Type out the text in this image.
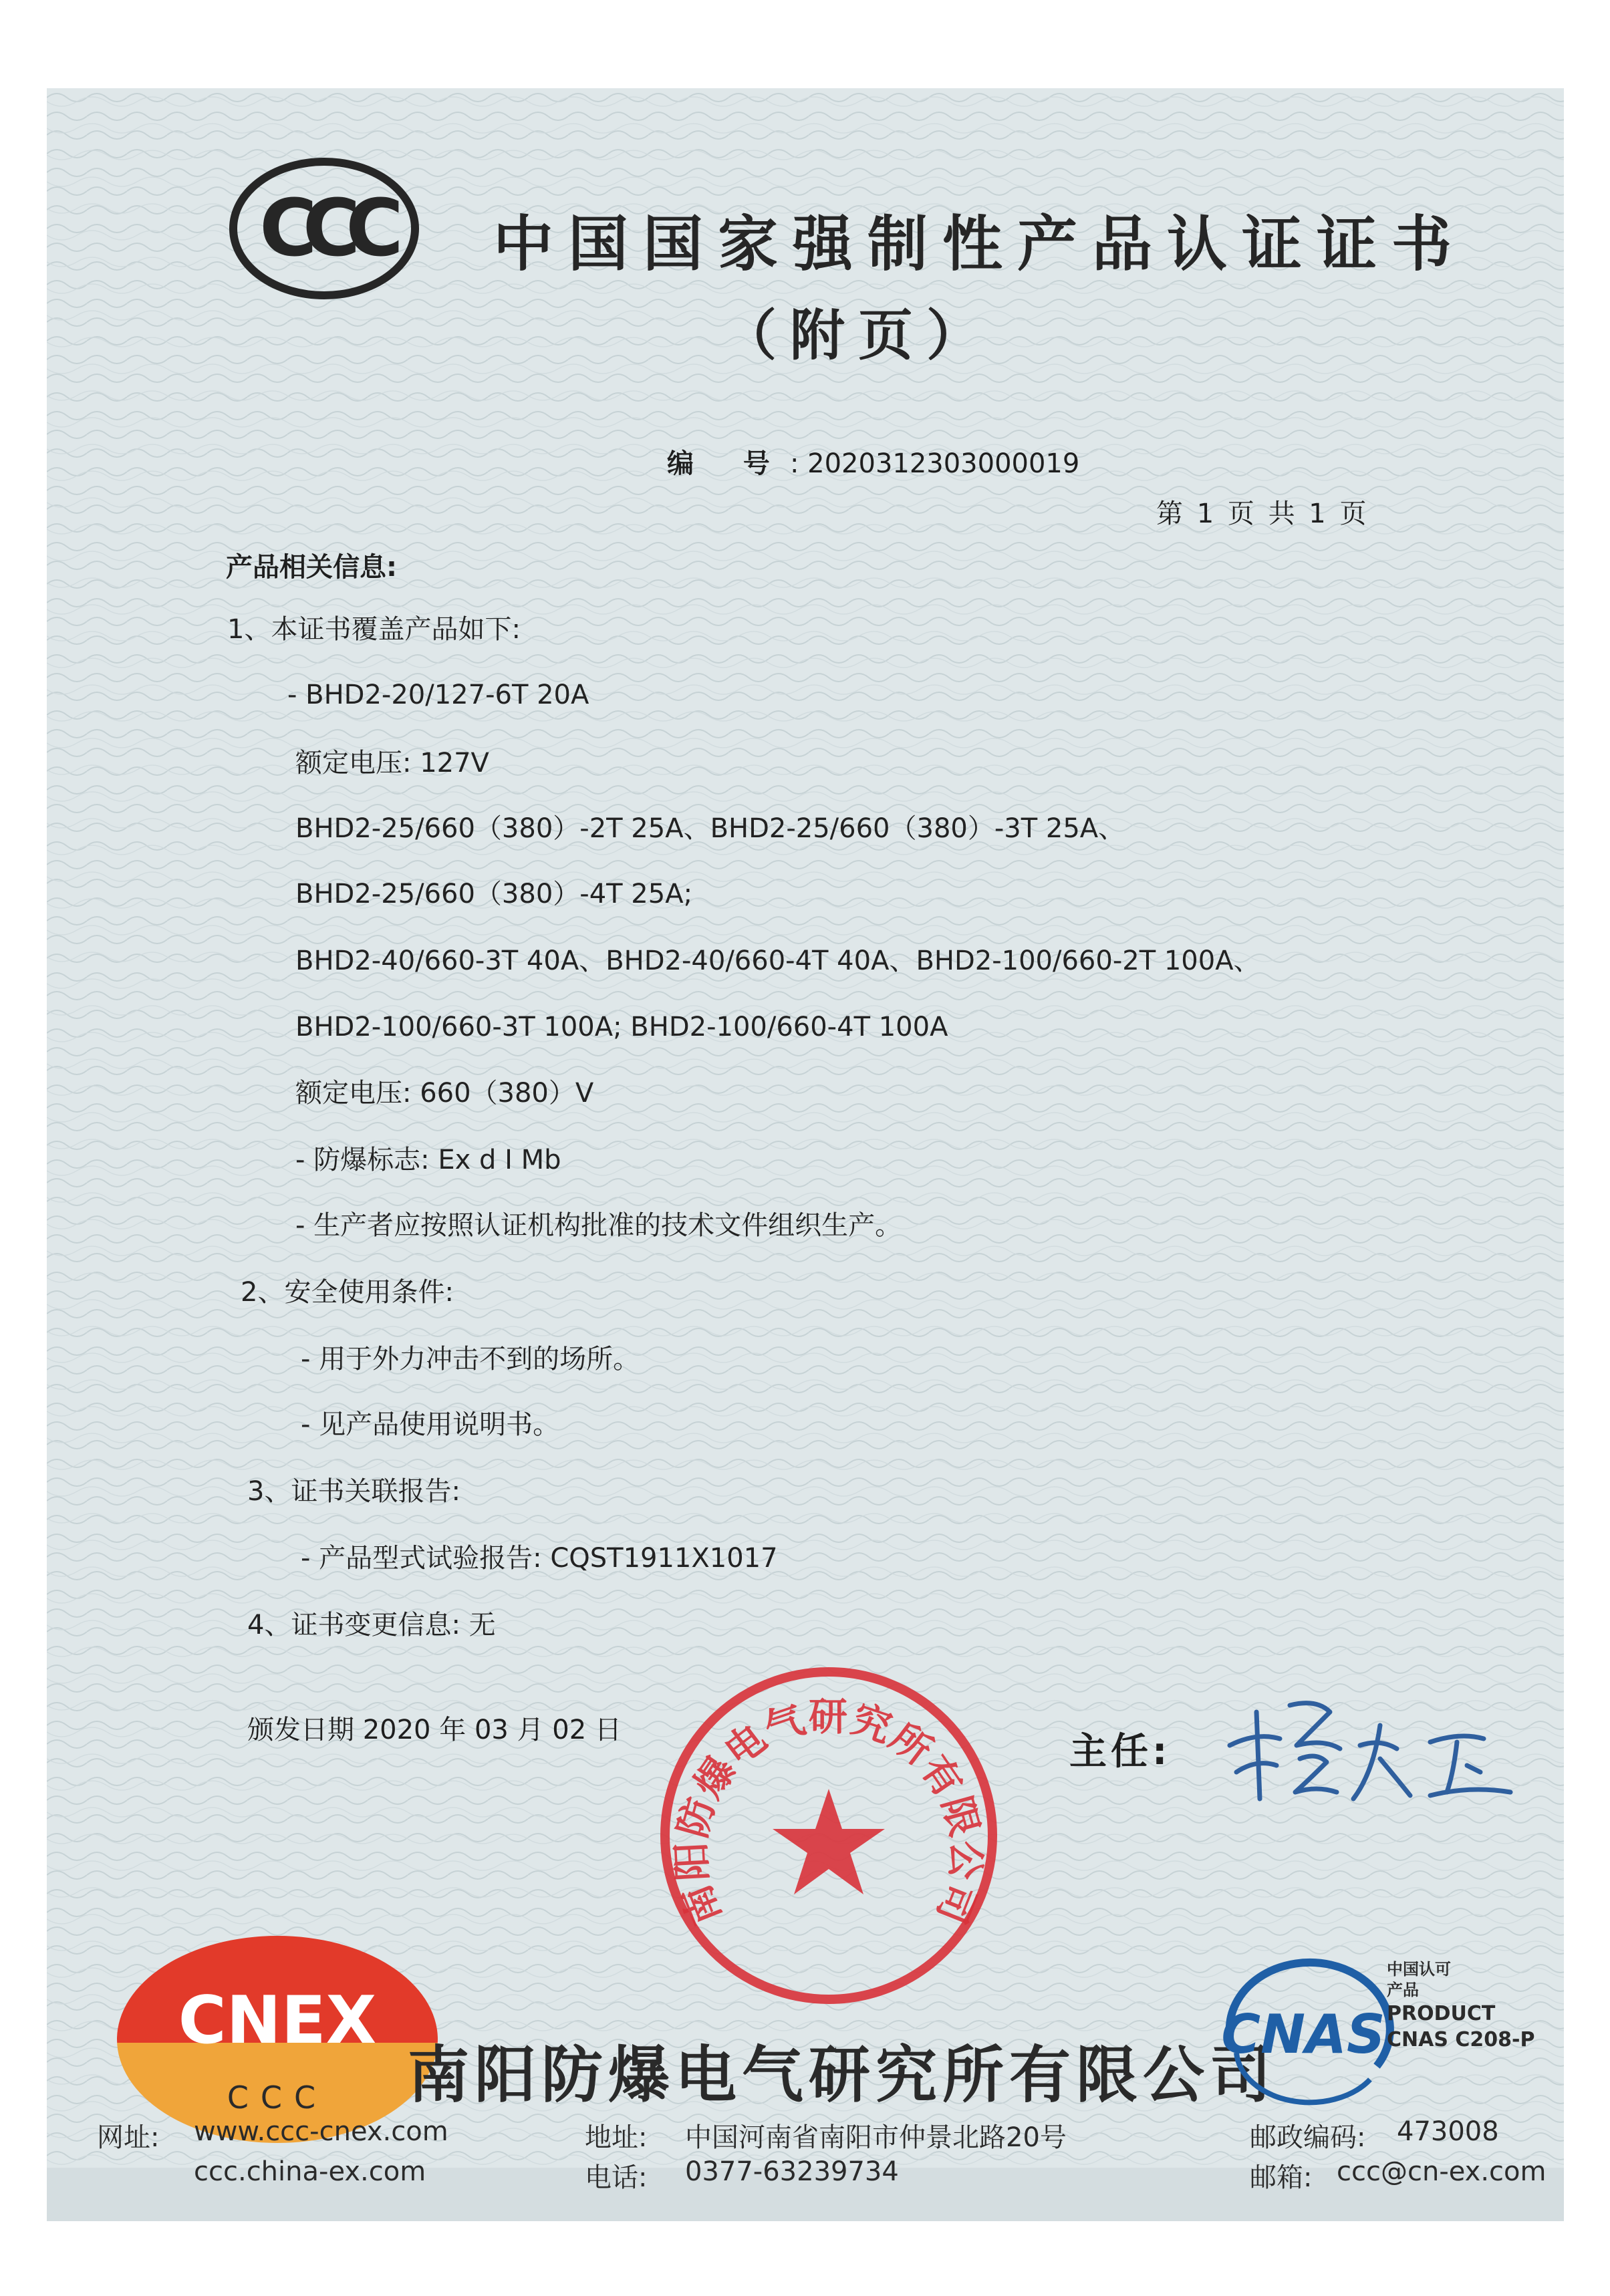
CCC 中国国家强制性产品认证证书
（附页）
编 号: 2020312303000019
第 1 页 共 1 页
产品相关信息:
1、本证书覆盖产品如下:
- BHD2-20/127-6T 20A
额定电压: 127V
BHD2-25/660（380）-2T 25A、BHD2-25/660（380）-3T 25A、
BHD2-25/660（380）-4T 25A;
BHD2-40/660-3T 40A、BHD2-40/660-4T 40A、BHD2-100/660-2T 100A、
BHD2-100/660-3T 100A; BHD2-100/660-4T 100A
额定电压: 660（380）V
- 防爆标志: Ex d I Mb
- 生产者应按照认证机构批准的技术文件组织生产。
2、安全使用条件:
- 用于外力冲击不到的场所。
- 见产品使用说明书。
3、证书关联报告:
- 产品型式试验报告: CQST1911X1017
4、证书变更信息: 无
颁发日期 2020 年 03 月 02 日	主任:
南阳防爆电气研究所有限公司
CNEX
CCC 南阳防爆电气研究所有限公司
CNAS
中国认可
产品
PRODUCT
CNAS C208-P
网址: www.ccc-cnex.com
ccc.china-ex.com
地址: 中国河南省南阳市仲景北路20号
电话: 0377-63239734
邮政编码: 473008
邮箱: ccc@cn-ex.com
